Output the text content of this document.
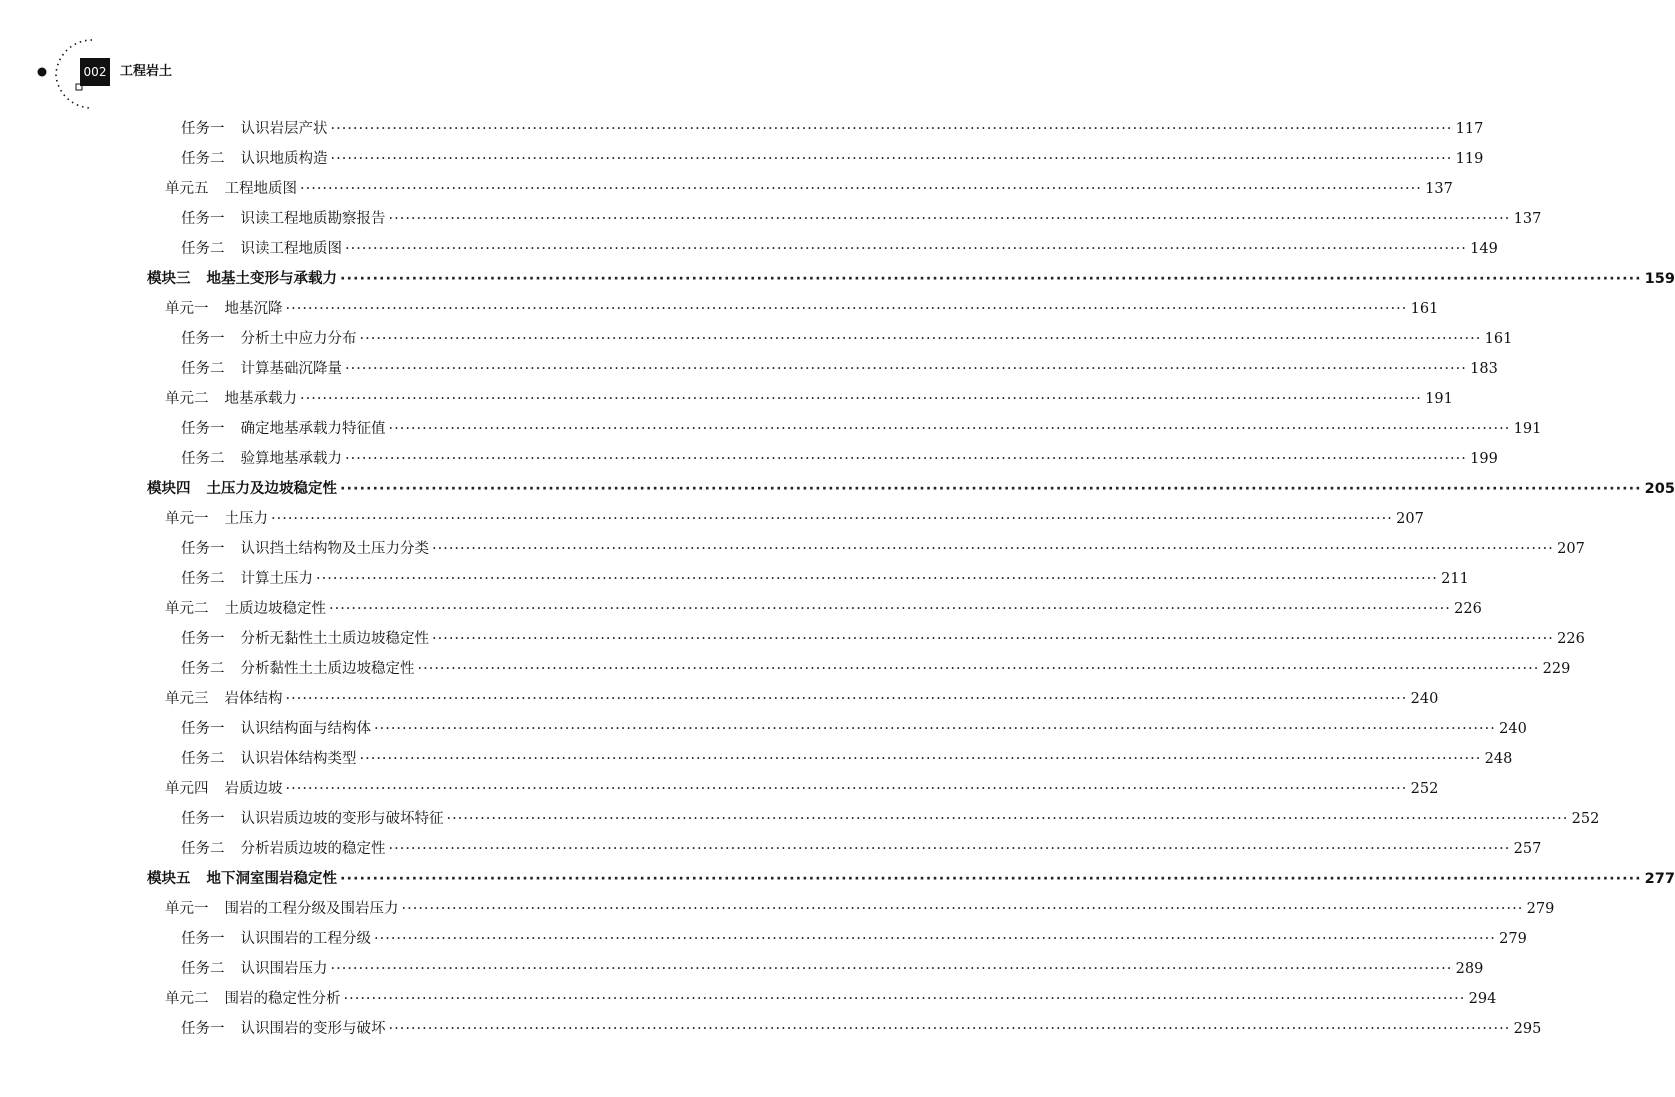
002 工程岩土
任务一 认识岩层产状 ········································································································································································································ 117
任务二 认识地质构造 ········································································································································································································ 119
单元五 工程地质图 ········································································································································································································ 137
任务一 识读工程地质勘察报告 ········································································································································································································ 137
任务二 识读工程地质图 ········································································································································································································ 149
模块三 地基土变形与承载力 ········································································································································································································ 159
单元一 地基沉降 ········································································································································································································ 161
任务一 分析土中应力分布 ········································································································································································································ 161
任务二 计算基础沉降量 ········································································································································································································ 183
单元二 地基承载力 ········································································································································································································ 191
任务一 确定地基承载力特征值 ········································································································································································································ 191
任务二 验算地基承载力 ········································································································································································································ 199
模块四 土压力及边坡稳定性 ········································································································································································································ 205
单元一 土压力 ········································································································································································································ 207
任务一 认识挡土结构物及土压力分类 ········································································································································································································ 207
任务二 计算土压力 ········································································································································································································ 211
单元二 土质边坡稳定性 ········································································································································································································ 226
任务一 分析无黏性土土质边坡稳定性 ········································································································································································································ 226
任务二 分析黏性土土质边坡稳定性 ········································································································································································································ 229
单元三 岩体结构 ········································································································································································································ 240
任务一 认识结构面与结构体 ········································································································································································································ 240
任务二 认识岩体结构类型 ········································································································································································································ 248
单元四 岩质边坡 ········································································································································································································ 252
任务一 认识岩质边坡的变形与破坏特征 ········································································································································································································ 252
任务二 分析岩质边坡的稳定性 ········································································································································································································ 257
模块五 地下洞室围岩稳定性 ········································································································································································································ 277
单元一 围岩的工程分级及围岩压力 ········································································································································································································ 279
任务一 认识围岩的工程分级 ········································································································································································································ 279
任务二 认识围岩压力 ········································································································································································································ 289
单元二 围岩的稳定性分析 ········································································································································································································ 294
任务一 认识围岩的变形与破坏 ········································································································································································································ 295
